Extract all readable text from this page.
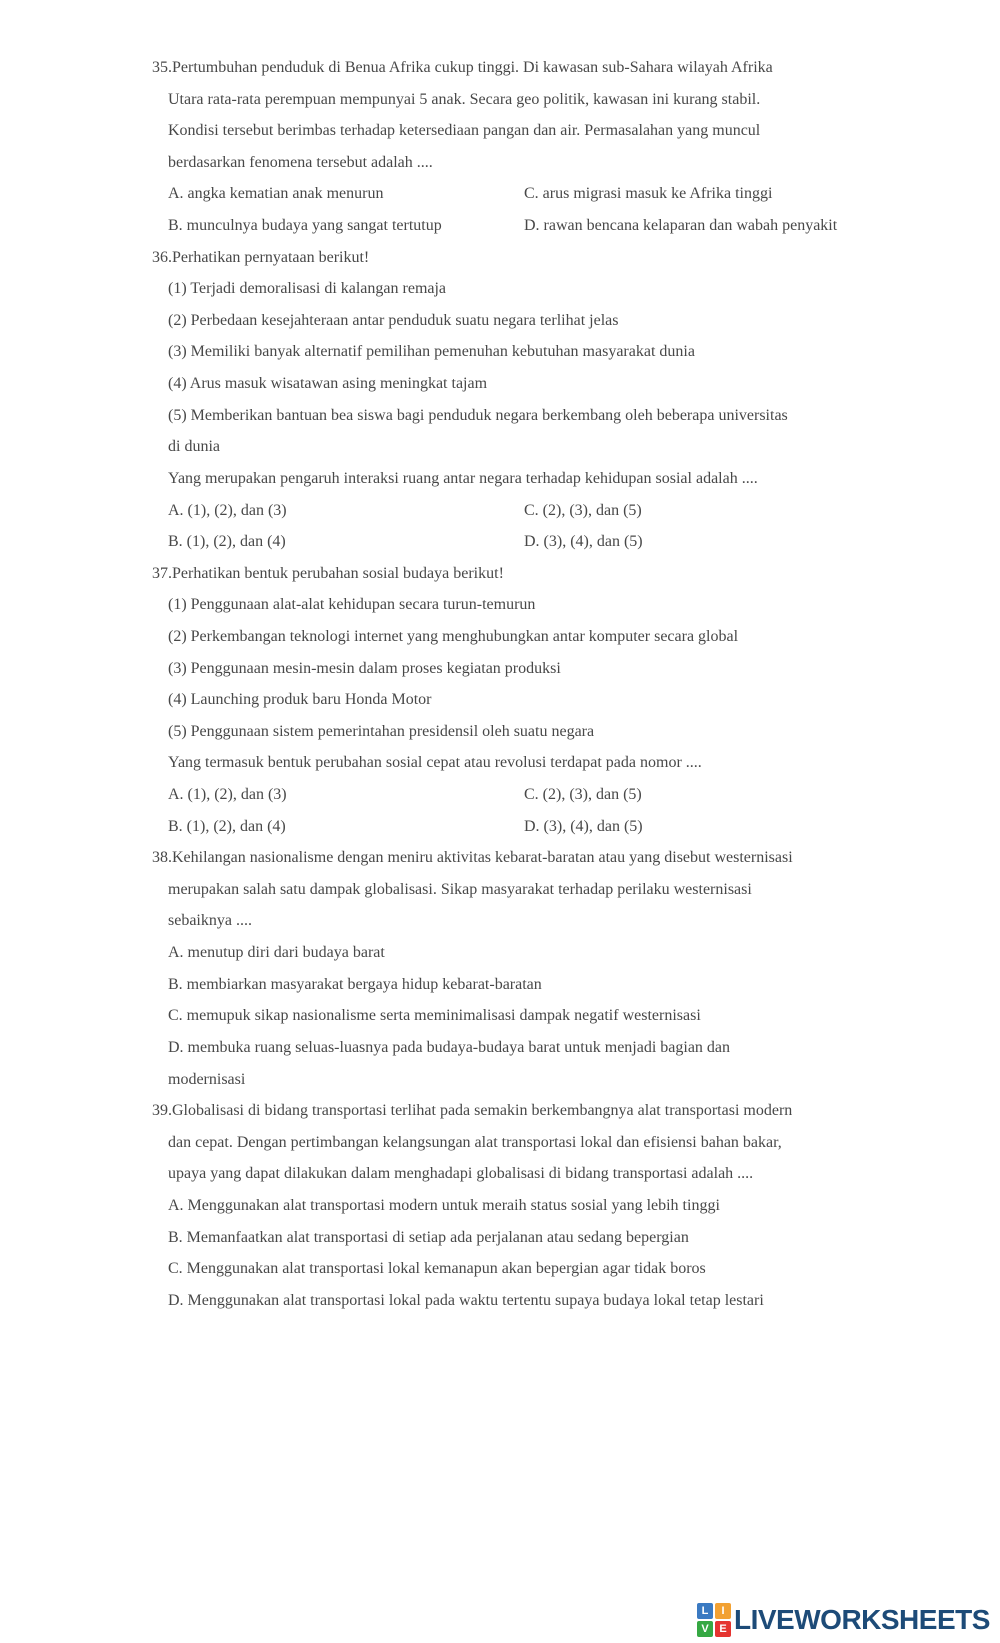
35.Pertumbuhan penduduk di Benua Afrika cukup tinggi. Di kawasan sub-Sahara wilayah Afrika
Utara rata-rata perempuan mempunyai 5 anak. Secara geo politik, kawasan ini kurang stabil.
Kondisi tersebut berimbas terhadap ketersediaan pangan dan air. Permasalahan yang muncul
berdasarkan fenomena tersebut adalah ....
A. angka kematian anak menurun	C. arus migrasi masuk ke Afrika tinggi
B. munculnya budaya yang sangat tertutup	D. rawan bencana kelaparan dan wabah penyakit
36.Perhatikan pernyataan berikut!
(1) Terjadi demoralisasi di kalangan remaja
(2) Perbedaan kesejahteraan antar penduduk suatu negara terlihat jelas
(3) Memiliki banyak alternatif pemilihan pemenuhan kebutuhan masyarakat dunia
(4) Arus masuk wisatawan asing meningkat tajam
(5) Memberikan bantuan bea siswa bagi penduduk negara berkembang oleh beberapa universitas
di dunia
Yang merupakan pengaruh interaksi ruang antar negara terhadap kehidupan sosial adalah ....
A. (1), (2), dan (3)	C. (2), (3), dan (5)
B. (1), (2), dan (4)	D. (3), (4), dan (5)
37.Perhatikan bentuk perubahan sosial budaya berikut!
(1) Penggunaan alat-alat kehidupan secara turun-temurun
(2) Perkembangan teknologi internet yang menghubungkan antar komputer secara global
(3) Penggunaan mesin-mesin dalam proses kegiatan produksi
(4) Launching produk baru Honda Motor
(5) Penggunaan sistem pemerintahan presidensil oleh suatu negara
Yang termasuk bentuk perubahan sosial cepat atau revolusi terdapat pada nomor ....
A. (1), (2), dan (3)	C. (2), (3), dan (5)
B. (1), (2), dan (4)	D. (3), (4), dan (5)
38.Kehilangan nasionalisme dengan meniru aktivitas kebarat-baratan atau yang disebut westernisasi
merupakan salah satu dampak globalisasi. Sikap masyarakat terhadap perilaku westernisasi
sebaiknya ....
A. menutup diri dari budaya barat
B. membiarkan masyarakat bergaya hidup kebarat-baratan
C. memupuk sikap nasionalisme serta meminimalisasi dampak negatif westernisasi
D. membuka ruang seluas-luasnya pada budaya-budaya barat untuk menjadi bagian dan
modernisasi
39.Globalisasi di bidang transportasi terlihat pada semakin berkembangnya alat transportasi modern
dan cepat. Dengan pertimbangan kelangsungan alat transportasi lokal dan efisiensi bahan bakar,
upaya yang dapat dilakukan dalam menghadapi globalisasi di bidang transportasi adalah ....
A. Menggunakan alat transportasi modern untuk meraih status sosial yang lebih tinggi
B. Memanfaatkan alat transportasi di setiap ada perjalanan atau sedang bepergian
C. Menggunakan alat transportasi lokal kemanapun akan bepergian agar tidak boros
D. Menggunakan alat transportasi lokal pada waktu tertentu supaya budaya lokal tetap lestari
L	I
V E LIVEWORKSHEETS
